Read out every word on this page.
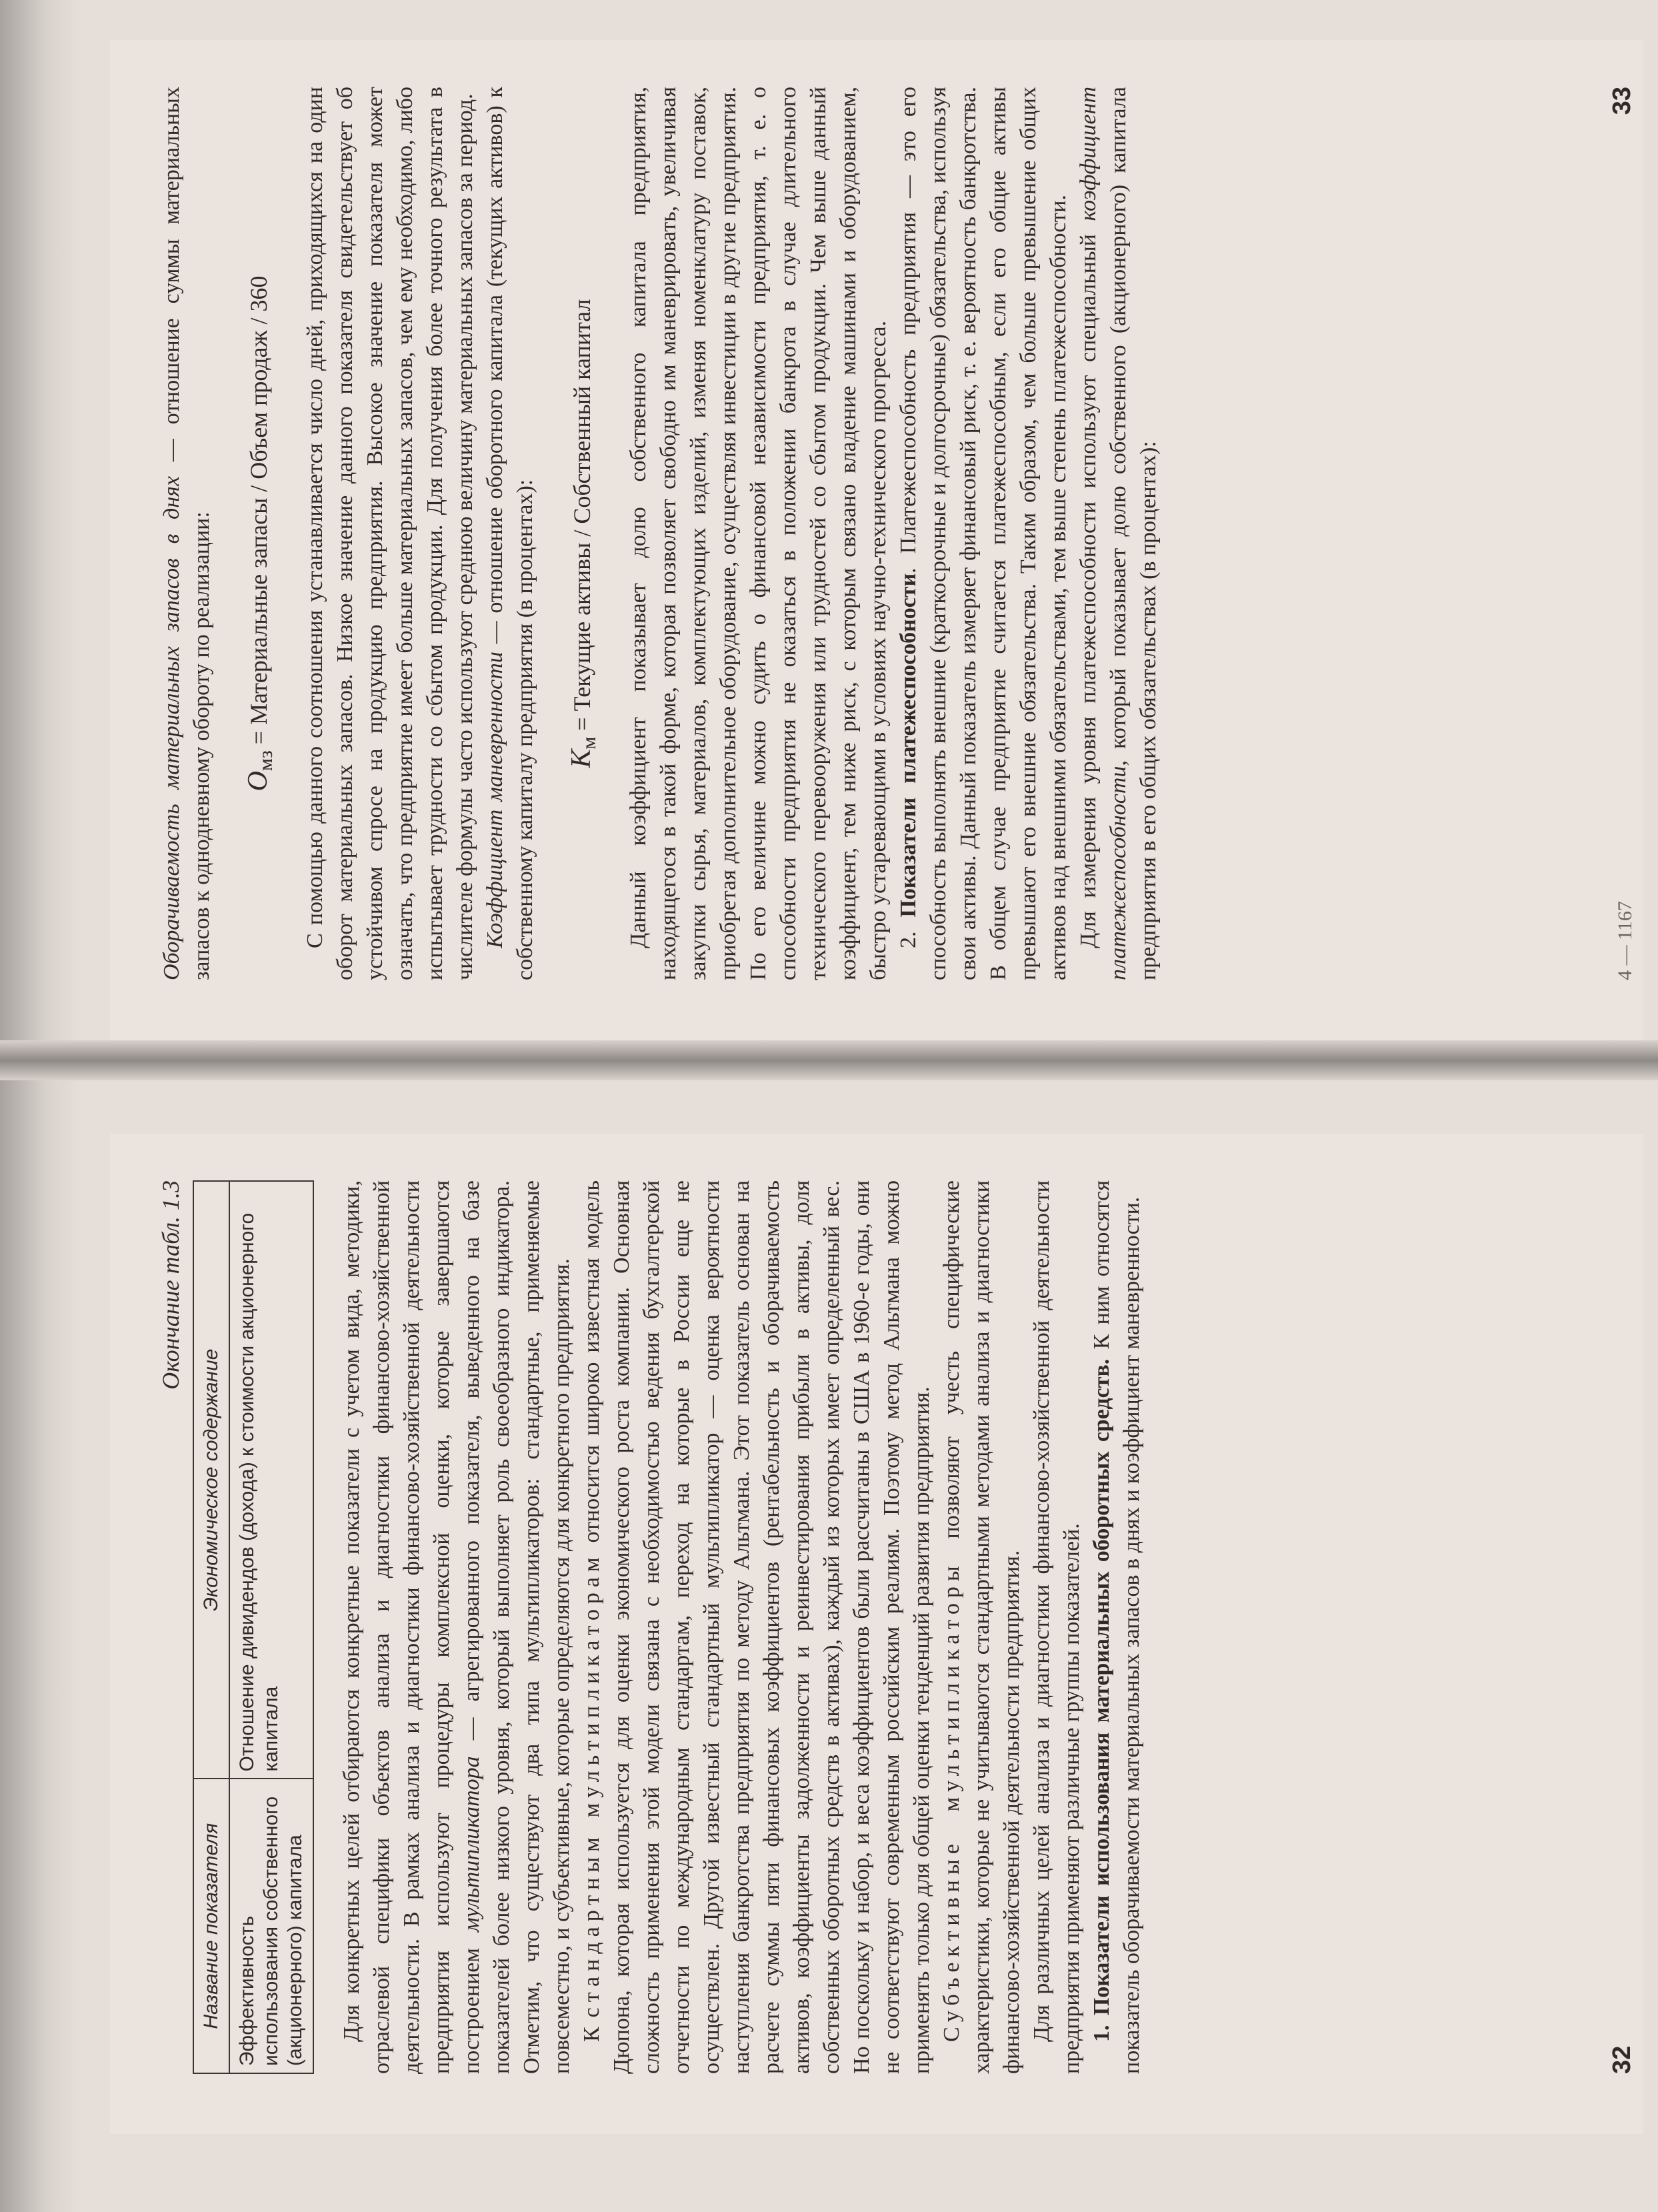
Оборачиваемость материальных запасов в днях — отношение суммы материальных запасов к однодневному обороту по реализации: $О_{мз}$ = Материальные запасы / Объем продаж / 360 С помощью данного соотношения устанавливается число дней, приходящихся на один оборот материальных запасов. Низкое значение данного показателя свидетельствует об устойчивом спросе на продукцию предприятия. Высокое значение показателя может означать, что предприятие имеет больше материальных запасов, чем ему необходимо, либо испытывает трудности со сбытом продукции. Для получения более точного результата в числителе формулы часто используют среднюю величину материальных запасов за период. Коэффициент маневренности — отношение оборотного капитала (текущих активов) к собственному капиталу предприятия (в процентах): $К_м$ = Текущие активы / Собственный капитал Данный коэффициент показывает долю собственного капитала предприятия, находящегося в такой форме, которая позволяет свободно им маневрировать, увеличивая закупки сырья, материалов, комплектующих изделий, изменяя номенклатуру поставок, приобретая дополнительное оборудование, осуществляя инвестиции в другие предприятия. По его величине можно судить о финансовой независимости предприятия, т. е. о способности предприятия не оказаться в положении банкрота в случае длительного технического перевооружения или трудностей со сбытом продукции. Чем выше данный коэффициент, тем ниже риск, с которым связано владение машинами и оборудованием, быстро устаревающими в условиях научно-технического прогресса. 2. Показатели платежеспособности. Платежеспособность предприятия — это его способность выполнять внешние (краткосрочные и долгосрочные) обязательства, используя свои активы. Данный показатель измеряет финансовый риск, т. е. вероятность банкротства. В общем случае предприятие считается платежеспособным, если его общие активы превышают его внешние обязательства. Таким образом, чем больше превышение общих активов над внешними обязательствами, тем выше степень платежеспособности. Для измерения уровня платежеспособности используют специальный коэффициент платежеспособности, который показывает долю собственного (акционерного) капитала предприятия в его общих обязательствах (в процентах):	4 — 1167
33
Окончание табл. 1.3
Название показателя	Экономическое содержание
Эффективность использования собственного (акционерного) капитала	Отношение дивидендов (дохода) к стоимости акционерного капитала	Для конкретных целей отбираются конкретные показатели с учетом вида, методики, отраслевой специфики объектов анализа и диагностики финансово-хозяйственной деятельности. В рамках анализа и диагностики финансово-хозяйственной деятельности предприятия используют процедуры комплексной оценки, которые завершаются построением мультипликатора — агрегированного показателя, выведенного на базе показателей более низкого уровня, который выполняет роль своеобразного индикатора. Отметим, что существуют два типа мультипликаторов: стандартные, применяемые повсеместно, и субъективные, которые определяются для конкретного предприятия. К стандартным мультипликаторам относится широко известная модель Дюпона, которая используется для оценки экономического роста компании. Основная сложность применения этой модели связана с необходимостью ведения бухгалтерской отчетности по международным стандартам, переход на которые в России еще не осуществлен. Другой известный стандартный мультипликатор — оценка вероятности наступления банкротства предприятия по методу Альтмана. Этот показатель основан на расчете суммы пяти финансовых коэффициентов (рентабельность и оборачиваемость активов, коэффициенты задолженности и реинвестирования прибыли в активы, доля собственных оборотных средств в активах), каждый из которых имеет определенный вес. Но поскольку и набор, и веса коэффициентов были рассчитаны в США в 1960-е годы, они не соответствуют современным российским реалиям. Поэтому метод Альтмана можно применять только для общей оценки тенденций развития предприятия. Субъективные мультипликаторы позволяют учесть специфические характеристики, которые не учитываются стандартными методами анализа и диагностики финансово-хозяйственной деятельности предприятия. Для различных целей анализа и диагностики финансово-хозяйственной деятельности предприятия применяют различные группы показателей. 1. Показатели использования материальных оборотных средств. К ним относятся показатель оборачиваемости материальных запасов в днях и коэффициент маневренности.	32
